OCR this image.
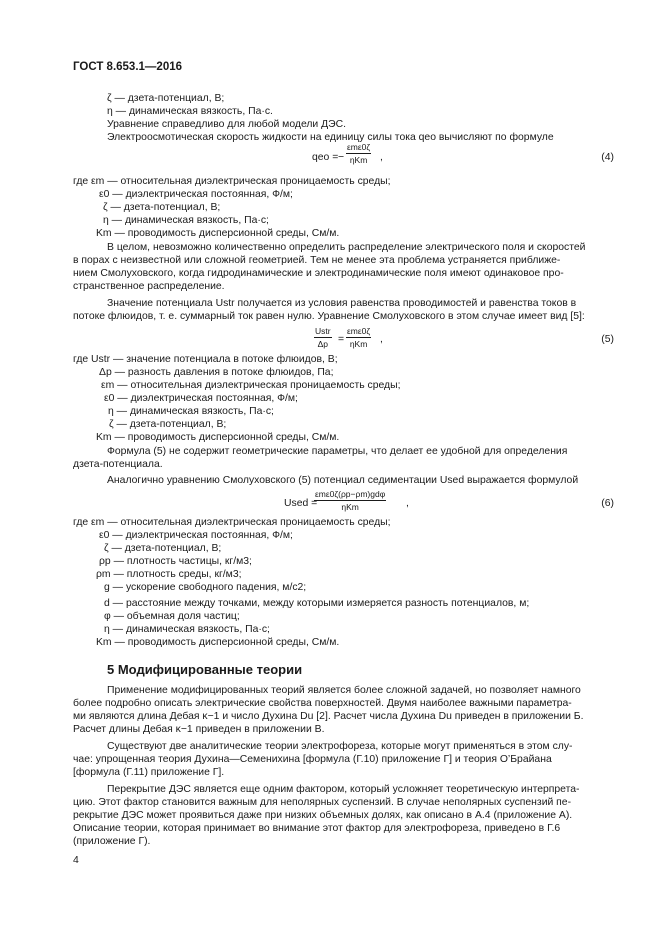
ГОСТ 8.653.1—2016
ζ — дзета-потенциал, В;
η — динамическая вязкость, Па·с.
Уравнение справедливо для любой модели ДЭС.
Электроосмотическая скорость жидкости на единицу силы тока qeo вычисляют по формуле
qeo = −
εmε0ζ
ηKm	,	(4)
где εm — относительная диэлектрическая проницаемость среды;
ε0 — диэлектрическая постоянная, Ф/м;
ζ — дзета-потенциал, В;
η — динамическая вязкость, Па·с;
Km — проводимость дисперсионной среды, См/м.
В целом, невозможно количественно определить распределение электрического поля и скоростей
в порах с неизвестной или сложной геометрией. Тем не менее эта проблема устраняется приближе-
нием Смолуховского, когда гидродинамические и электродинамические поля имеют одинаковое про-
странственное распределение.
Значение потенциала Ustr получается из условия равенства проводимостей и равенства токов в
потоке флюидов, т. е. суммарный ток равен нулю. Уравнение Смолуховского в этом случае имеет вид [5]:
Ustr
Δp =
εmε0ζ
ηKm	,	(5)
где Ustr — значение потенциала в потоке флюидов, В;
Δp — разность давления в потоке флюидов, Па;
εm — относительная диэлектрическая проницаемость среды;
ε0 — диэлектрическая постоянная, Ф/м;
η — динамическая вязкость, Па·с;
ζ — дзета-потенциал, В;
Km — проводимость дисперсионной среды, См/м.
Формула (5) не содержит геометрические параметры, что делает ее удобной для определения
дзета-потенциала.
Аналогично уравнению Смолуховского (5) потенциал седиментации Used выражается формулой
Used =
εmε0ζ(ρp−ρm)gdφ
ηKm	,	(6)
где εm — относительная диэлектрическая проницаемость среды;
ε0 — диэлектрическая постоянная, Ф/м;
ζ — дзета-потенциал, В;
ρp — плотность частицы, кг/м3;
ρm — плотность среды, кг/м3;
g — ускорение свободного падения, м/с2;
d — расстояние между точками, между которыми измеряется разность потенциалов, м;
φ — объемная доля частиц;
η — динамическая вязкость, Па·с;
Km — проводимость дисперсионной среды, См/м.
5 Модифицированные теории
Применение модифицированных теорий является более сложной задачей, но позволяет намного
более подробно описать электрические свойства поверхностей. Двумя наиболее важными параметра-
ми являются длина Дебая κ−1 и число Духина Du [2]. Расчет числа Духина Du приведен в приложении Б.
Расчет длины Дебая κ−1 приведен в приложении В.
Существуют две аналитические теории электрофореза, которые могут применяться в этом слу-
чае: упрощенная теория Духина—Семенихина [формула (Г.10) приложение Г] и теория О’Брайана
[формула (Г.11) приложение Г].
Перекрытие ДЭС является еще одним фактором, который усложняет теоретическую интерпрета-
цию. Этот фактор становится важным для неполярных суспензий. В случае неполярных суспензий пе-
рекрытие ДЭС может проявиться даже при низких объемных долях, как описано в А.4 (приложение А).
Описание теории, которая принимает во внимание этот фактор для электрофореза, приведено в Г.6
(приложение Г).
4
